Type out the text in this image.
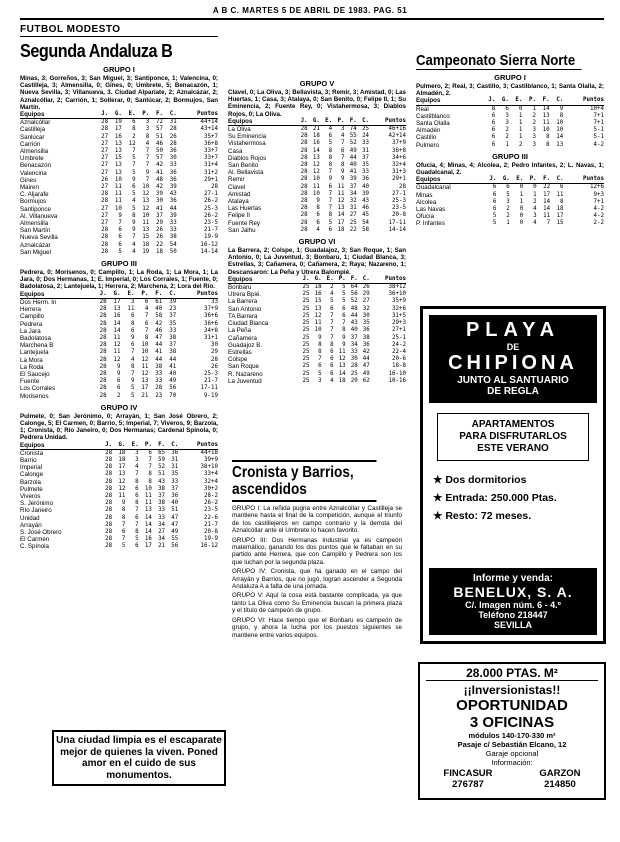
A B C. MARTES 5 DE ABRIL DE 1983. PAG. 51
FUTBOL MODESTO
Segunda Andaluza B
GRUPO I
Minas, 3; Gorreños, 3; San Miguel, 3; Santiponce, 1; Valencina, 0; Castilleja, 3; Almensilla, 0; Gines, 0; Umbrete, 5; Benacazón, 1; Nueva Sevilla, 3; Villanueva, 3. Ciudad Alpariate, 2; Aznalcázar, 2; Aznalcóllar, 2; Carrión, 1; Sollerar, 0; Sanlúcar, 2; Bormujos, San Martín.
Equipos	J.	G.	E.	P.	F.	C.	Puntos
Aznalcóllar	28	19	6	3	72	31	44+14
Castilleja	28	17	8	3	57	28	43+14
Sanlúcar	27	16	2	8	51	26	35+7
Carrión	27	13	12	4	46	28	36+8
Almensilla	27	13	7	7	50	36	33+7
Umbrete	27	15	5	7	57	30	33+7
Benacazón	27	13	7	7	42	33	31+4
Valencina	27	13	5	9	41	36	31+2
Gines	26	10	9	7	48	36	29+1
Mairen	27	11	6	10	42	39	28
C. Aljarafe	28	11	5	12	39	43	27-1
Bormujos	28	11	4	13	30	36	26-2
Santiponce	27	10	5	12	41	44	25-3
Al. Villanueva	27	9	8	10	37	39	26-2
Almensilla	27	7	9	11	29	33	23-5
San Martín	28	6	9	13	26	33	21-7
Nueva Sevilla	28	6	7	15	26	38	19-9
Aznalcázar	28	6	4	18	22	54	16-12
San Miguel	28	5	4	19	18	50	14-14
GRUPO III
Pedrera, 0; Morisenos, 0; Campillo, 1; La Roda, 1; La Mora, 1; La Jara, 0; Dos Hermanas, 1; E. Imperial, 0; Los Corrales, 1; Fuente, 0; Badolatosa, 2; Lantejuela, 1; Herrera, 2; Marchena, 2; Lora del Río.
Equipos	J.	G.	E.	P.	F.	C.	Puntos
Dos Herm. In	28	17	3	6	61	39	33
Herrera	28	13	11	4	40	23	37+9
Campillo	28	16	6	7	58	37	36+6
Pedrera	28	14	8	6	42	35	36+6
La Jara	28	14	6	7	46	33	34+8
Badolatosa	28	11	9	8	47	38	31+1
Marchena B	28	12	6	10	44	37	30
Lantejuela	28	11	7	10	41	38	29
La Mora	28	12	4	12	44	44	28
La Roda	28	9	8	11	38	41	26
El Saucejo	28	9	7	12	33	40	25-3
Fuente	28	6	9	13	33	49	21-7
Los Corrales	28	6	5	17	28	56	17-11
Morisenos	28	2	5	21	23	70	9-19
GRUPO IV
Pulmete, 0; San Jerónimo, 0; Arrayán, 1; San José Obrero, 2; Calonge, 5; El Carmen, 0; Barrio, 5; Imperial, 7; Viveros, 9; Barzola, 1; Cronista, 0; Río Janeiro, 0; Dos Hermanas; Cardenal Spínola, 0; Pedrera Unidad.
Equipos	J.	G.	E.	P.	F.	C.	Puntos
Cronista	28	18	3	6	65	36	44+18
Barrio	28	18	3	7	59	31	39+9
Imperial	28	17	4	7	52	31	38+10
Calonge	28	13	7	8	51	35	33+4
Barzola	28	12	8	8	43	33	32+4
Pulmete	28	12	6	10	38	37	30+2
Viveros	28	11	6	11	37	36	28-2
S. Jerónimo	28	9	8	11	38	40	26-2
Río Janeiro	28	8	7	13	33	51	23-5
Unidad	28	8	6	14	33	47	22-6
Arrayán	28	7	7	14	34	47	21-7
S. José Obrero	28	6	8	14	27	49	20-8
El Carmen	28	7	5	16	34	55	19-9
C. Spínola	28	5	6	17	21	56	16-12
Una ciudad limpia es el escaparate mejor de quienes la viven. Poned amor en el cuido de sus monumentos.
GRUPO V
Clavel, 0; La Oliva, 3; Bellavista, 3; Remir, 3; Amistad, 0; Las Huertas, 1; Casa, 3; Atalaya, 0; San Benito, 0; Felipe II, 1; Su Eminencia, 2; Fuente Rey, 0; Vistahermosa, 3; Diablos Rojos, 0; La Oliva.
Equipos	J.	G.	E.	P.	F.	C.	Puntos
La Oliva	28	21	4	3	74	25	46+16
Su Eminencia	28	18	6	4	55	24	42+14
Vistahermosa	28	16	5	7	52	33	37+9
Casa	28	14	8	6	49	31	36+8
Diablos Rojos	28	13	8	7	44	37	34+6
San Benito	28	12	8	8	40	35	32+4
Al. Bellavista	28	12	7	9	41	33	31+3
Remir	28	10	9	9	39	36	29+1
Clavel	28	11	6	11	37	40	28
Amistad	28	10	7	11	34	39	27-1
Atalaya	28	9	7	12	32	43	25-3
Las Huertas	28	8	7	13	31	46	23-5
Felipe II	28	6	8	14	27	45	20-8
Fuente Rey	28	6	5	17	25	54	17-11
San Jalhu	28	4	6	18	22	58	14-14
GRUPO VI
La Barrera, 2; Colspe, 1; Guadalajoz, 3; San Roque, 1; San Antonio, 0; La Juventud, 3; Bonbaru, 1; Ciudad Blanca, 3; Estrellas, 3; Cañamera, 0; Cañamera, 2; Raya; Nazareno, 1; Descansaron: La Peña y Utrera Balompié.
Equipos	J.	G.	E.	P.	F.	C.	Puntos
Bonbaru	25	18	2	5	64	26	38+12
Utrera Bpié.	25	16	4	5	56	29	36+10
La Barrera	25	15	5	5	52	27	35+9
San Antonio	25	13	6	6	48	32	32+6
TA Barrera	25	12	7	6	44	30	31+5
Ciudad Blanca	25	11	7	7	43	35	29+3
La Peña	25	10	7	8	40	36	27+1
Cañamera	25	9	7	9	37	38	25-1
Guadajoz B.	25	8	8	9	34	36	24-2
Estrellas	25	8	6	11	33	42	22-4
Colspe	25	7	6	12	30	44	20-6
San Roque	25	6	6	13	28	47	18-8
R. Nazareno	25	5	6	14	25	49	16-10
La Juventud	25	3	4	18	20	62	10-16
Cronista y Barrios,
ascendidos

GRUPO I: La reñida pugna entre Aznalcóllar y Castilleja se mantiene hasta el final de la competición, aunque el triunfo de los castillejeros en campo contrario y la derrota del Aznalcóllar ante el Umbrete lo hacen favorito.

GRUPO III: Dos Hermanas Industrial ya es campeón matemático, ganando los dos puntos que le faltaban en su partido ante Herrera, que con Campillo y Pedrera son los que luchan por la segunda plaza.

GRUPO IV: Cronista, que ha ganado en el campo del Arrayán y Barrios, que no jugó, logran ascender a Segunda Andaluza A a falta de una jornada.

GRUPO V: Aquí la cosa está bastante complicada, ya que tanto La Oliva como Su Eminencia buscan la primera plaza y el título de campeón de grupo.

GRUPO VI: Hace tiempo que el Bonbaru es campeón de grupo, y ahora la lucha por los puestos siguientes se mantiene entre varios equipos.

Campeonato Sierra Norte
GRUPO I
Pulmero, 2; Real, 3; Castillo, 3; Castilblanco, 1; Santa Olalla, 2; Almadén, 2.
Equipos	J.	G.	E.	P.	F.	C.	Puntos
Real	8	6	0	1	14	9	10+4
Castilblanco	6	3	1	2	13	8	7+1
Santa Olalla	6	3	1	2	11	10	7+1
Almadén	6	2	1	3	10	10	5-1
Castillo	6	2	1	3	8	14	5-1
Pulmero	6	1	2	3	8	13	4-2
GRUPO III
Ofucia, 4; Minas, 4; Alcolea, 2; Pedro Infantes, 2; L. Navas, 1; Guadalcanal, 2.
Equipos	J.	G.	E.	P.	F.	C.	Puntos
Guadalcanal	6	6	0	0	22	6	12+6
Minas	6	5	1	1	17	11	9+3
Alcolea	6	3	1	2	14	8	7+1
Las Navas	6	2	0	4	14	18	4-2
Ofucia	5	2	0	3	11	17	4-2
P. Infantes	5	1	0	4	7	15	2-2
PLAYA
DE
CHIPIONA
JUNTO AL SANTUARIO
DE REGLA
APARTAMENTOS
PARA DISFRUTARLOS
ESTE VERANO
★ Dos dormitorios
★ Entrada: 250.000 Ptas.
★ Resto: 72 meses.
Informe y venda:
BENELUX, S. A.
C/. Imagen núm. 6 - 4.º
Teléfono 218447
SEVILLA
28.000 PTAS. M²
¡¡Inversionistas!!
OPORTUNIDAD
3 OFICINAS
módulos 140-170-330 m²
Pasaje c/ Sebastián Elcano, 12
Garaje opcional
Información:
FINCASUR
276787
GARZON
214850
